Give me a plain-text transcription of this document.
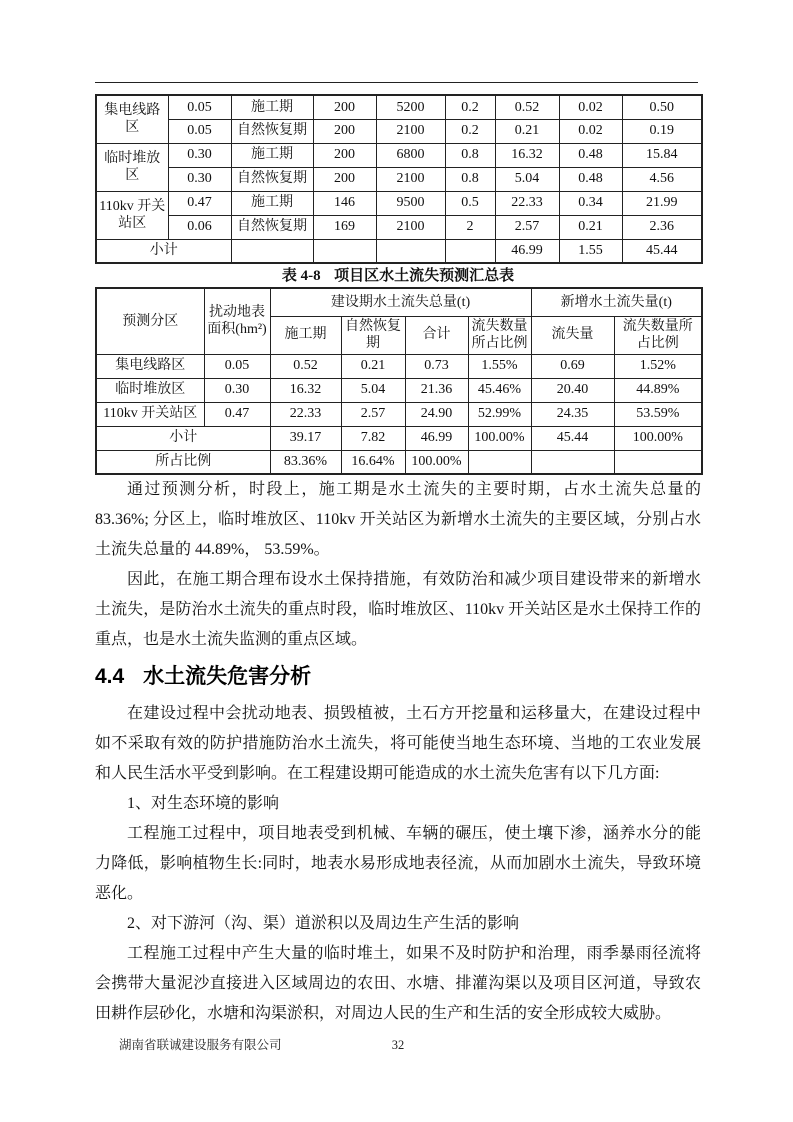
集电线路区	0.05	施工期	200	5200	0.2	0.52	0.02	0.50
	0.05	自然恢复期	200	2100	0.2	0.21	0.02	0.19
临时堆放区	0.30	施工期	200	6800	0.8	16.32	0.48	15.84
	0.30	自然恢复期	200	2100	0.8	5.04	0.48	4.56
110kv 开关站区	0.47	施工期	146	9500	0.5	22.33	0.34	21.99
	0.06	自然恢复期	169	2100	2	2.57	0.21	2.36
小计						46.99	1.55	45.44
表 4-8 项目区水土流失预测汇总表
预测分区	扰动地表面积(hm²)	建设期水土流失总量(t)				新增水土流失量(t)	
		施工期	自然恢复期	合计	流失数量所占比例	流失量	流失数量所占比例
集电线路区	0.05	0.52	0.21	0.73	1.55%	0.69	1.52%
临时堆放区	0.30	16.32	5.04	21.36	45.46%	20.40	44.89%
110kv 开关站区	0.47	22.33	2.57	24.90	52.99%	24.35	53.59%
小计		39.17	7.82	46.99	100.00%	45.44	100.00%
所占比例		83.36%	16.64%	100.00%			

通过预测分析，时段上，施工期是水土流失的主要时期，占水土流失总量的 83.36%; 分区上，临时堆放区、110kv 开关站区为新增水土流失的主要区域，分别占水土流失总量的 44.89%， 53.59%。

因此，在施工期合理布设水土保持措施，有效防治和减少项目建设带来的新增水土流失，是防治水土流失的重点时段，临时堆放区、110kv 开关站区是水土保持工作的重点，也是水土流失监测的重点区域。

4.4 水土流失危害分析

在建设过程中会扰动地表、损毁植被，土石方开挖量和运移量大，在建设过程中如不采取有效的防护措施防治水土流失，将可能使当地生态环境、当地的工农业发展和人民生活水平受到影响。在工程建设期可能造成的水土流失危害有以下几方面:

1、对生态环境的影响

工程施工过程中，项目地表受到机械、车辆的碾压，使土壤下渗，涵养水分的能力降低，影响植物生长:同时，地表水易形成地表径流，从而加剧水土流失，导致环境恶化。

2、对下游河（沟、渠）道淤积以及周边生产生活的影响

工程施工过程中产生大量的临时堆土，如果不及时防护和治理，雨季暴雨径流将会携带大量泥沙直接进入区域周边的农田、水塘、排灌沟渠以及项目区河道，导致农田耕作层砂化，水塘和沟渠淤积，对周边人民的生产和生活的安全形成较大威胁。

湖南省联诚建设服务有限公司	32
